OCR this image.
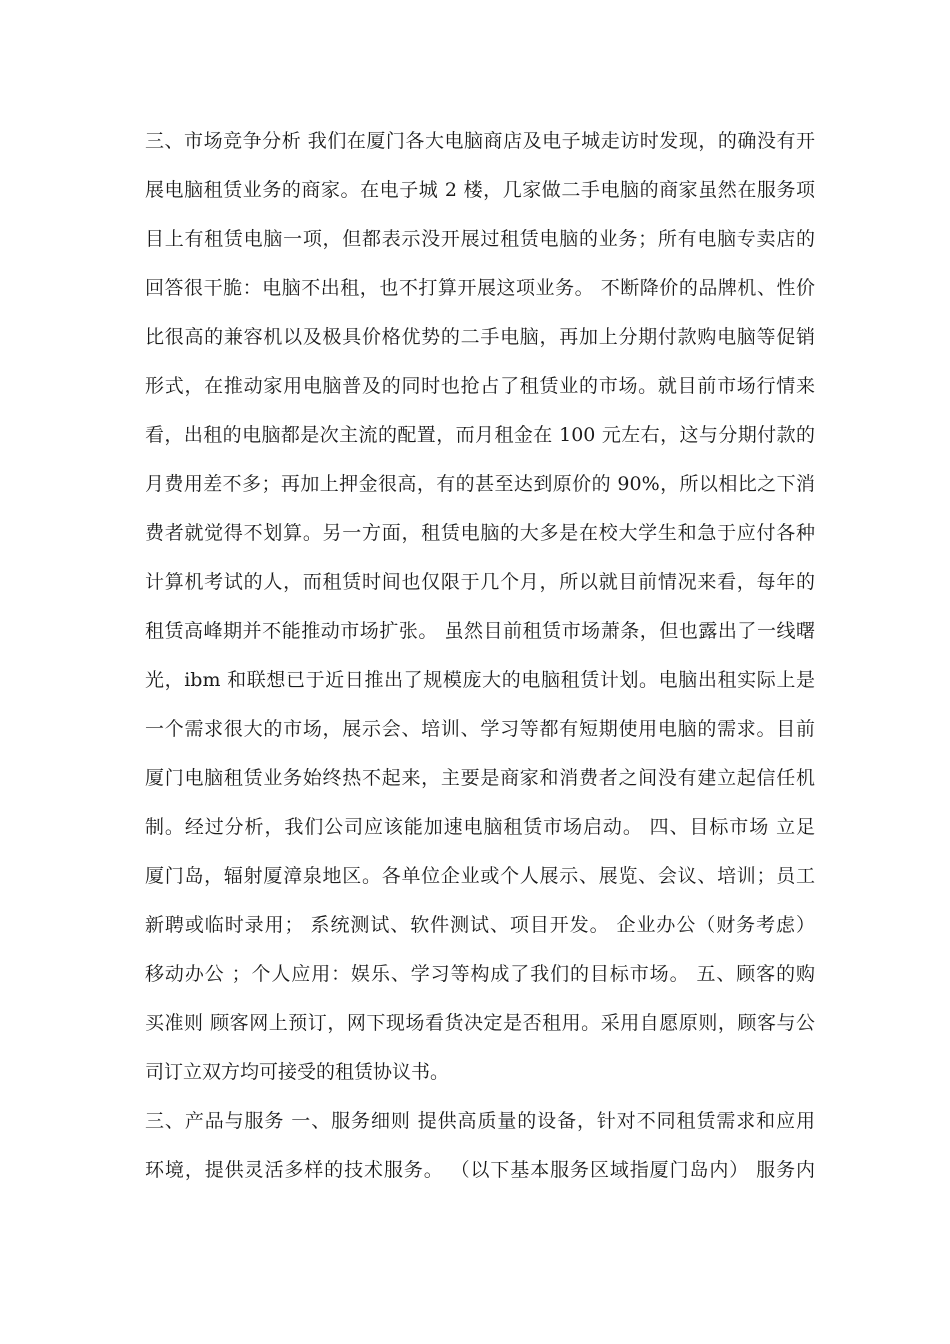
三、市场竞争分析 我们在厦门各大电脑商店及电子城走访时发现，的确没有开
展电脑租赁业务的商家。在电子城 2 楼，几家做二手电脑的商家虽然在服务项
目上有租赁电脑一项，但都表示没开展过租赁电脑的业务；所有电脑专卖店的
回答很干脆：电脑不出租，也不打算开展这项业务。 不断降价的品牌机、性价
比很高的兼容机以及极具价格优势的二手电脑，再加上分期付款购电脑等促销
形式，在推动家用电脑普及的同时也抢占了租赁业的市场。就目前市场行情来
看，出租的电脑都是次主流的配置，而月租金在 100 元左右，这与分期付款的
月费用差不多；再加上押金很高，有的甚至达到原价的 90%，所以相比之下消
费者就觉得不划算。另一方面，租赁电脑的大多是在校大学生和急于应付各种
计算机考试的人，而租赁时间也仅限于几个月，所以就目前情况来看，每年的
租赁高峰期并不能推动市场扩张。 虽然目前租赁市场萧条，但也露出了一线曙
光，ibm 和联想已于近日推出了规模庞大的电脑租赁计划。电脑出租实际上是
一个需求很大的市场，展示会、培训、学习等都有短期使用电脑的需求。目前
厦门电脑租赁业务始终热不起来，主要是商家和消费者之间没有建立起信任机
制。经过分析，我们公司应该能加速电脑租赁市场启动。 四、目标市场 立足
厦门岛，辐射厦漳泉地区。各单位企业或个人展示、展览、会议、培训；员工
新聘或临时录用； 系统测试、软件测试、项目开发。 企业办公（财务考虑）
移动办公 ；个人应用：娱乐、学习等构成了我们的目标市场。 五、顾客的购
买准则 顾客网上预订，网下现场看货决定是否租用。采用自愿原则，顾客与公
司订立双方均可接受的租赁协议书。
三、产品与服务 一、服务细则 提供高质量的设备，针对不同租赁需求和应用
环境，提供灵活多样的技术服务。 （以下基本服务区域指厦门岛内） 服务内
